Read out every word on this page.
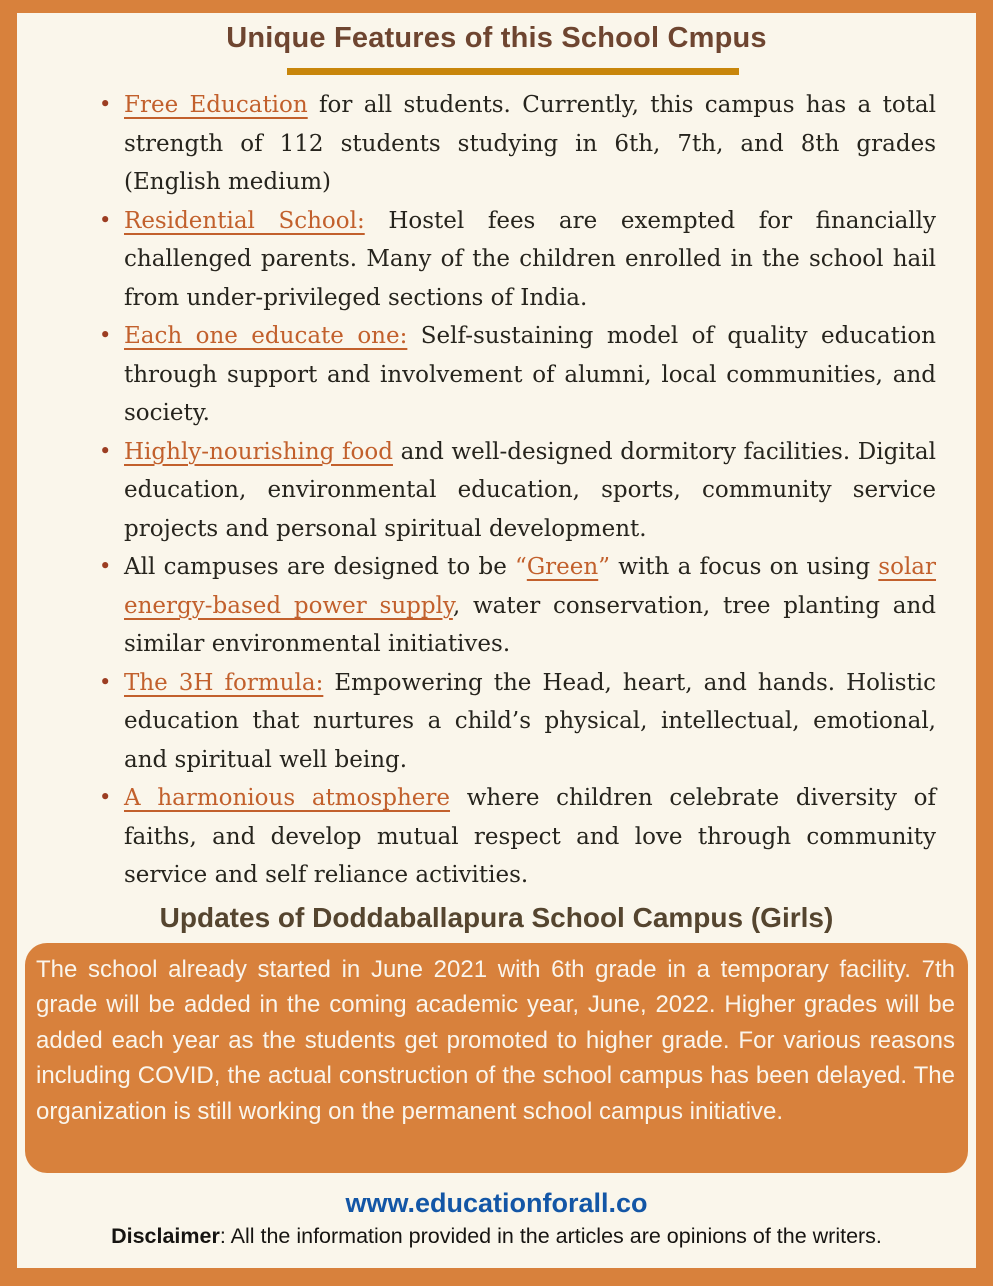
Unique Features of this School Cmpus
• Free Education for all students. Currently, this campus has a total strength of 112 students studying in 6th, 7th, and 8th grades (English medium)
• Residential School: Hostel fees are exempted for financially challenged parents. Many of the children enrolled in the school hail from under-privileged sections of India.
• Each one educate one: Self-sustaining model of quality education through support and involvement of alumni, local communities, and society.
• Highly-nourishing food and well-designed dormitory facilities. Digital education, environmental education, sports, community service projects and personal spiritual development.
• All campuses are designed to be “Green” with a focus on using solar energy-based power supply, water conservation, tree planting and similar environmental initiatives.
• The 3H formula: Empowering the Head, heart, and hands. Holistic education that nurtures a child’s physical, intellectual, emotional, and spiritual well being.
• A harmonious atmosphere where children celebrate diversity of faiths, and develop mutual respect and love through community service and self reliance activities.
Updates of Doddaballapura School Campus (Girls)

The school already started in June 2021 with 6th grade in a temporary facility. 7th grade will be added in the coming academic year, June, 2022. Higher grades will be added each year as the students get promoted to higher grade. For various reasons including COVID, the actual construction of the school campus has been delayed. The organization is still working on the permanent school campus initiative.

www.educationforall.co

Disclaimer: All the information provided in the articles are opinions of the writers.
